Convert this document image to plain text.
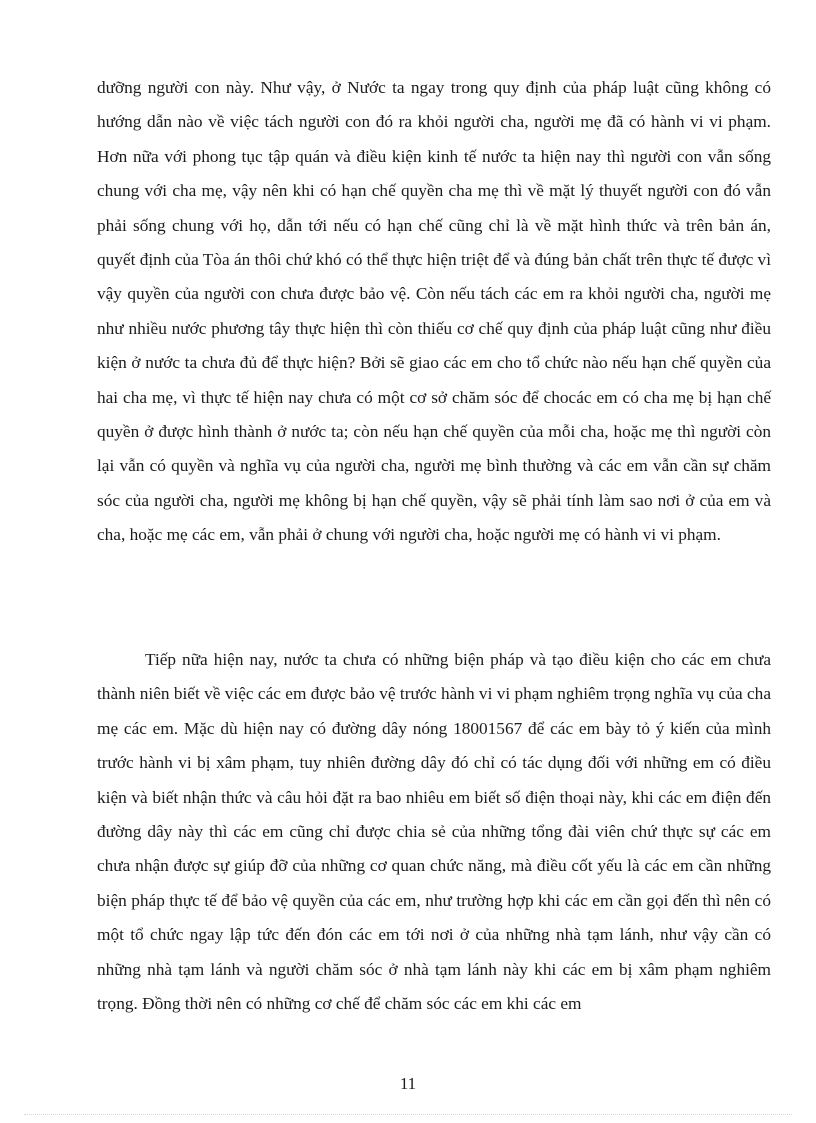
dưỡng người con này. Như vậy, ở Nước ta ngay trong quy định của pháp luật cũng không có hướng dẫn nào về việc tách người con đó ra khỏi người cha, người mẹ đã có hành vi vi phạm. Hơn nữa với phong tục tập quán và điều kiện kinh tế nước ta hiện nay thì người con vẫn sống chung với cha mẹ, vậy nên khi có hạn chế quyền cha mẹ thì về mặt lý thuyết người con đó vẫn phải sống chung với họ, dẫn tới nếu có hạn chế cũng chỉ là về mặt hình thức và trên bản án, quyết định của Tòa án thôi chứ khó có thể thực hiện triệt để và đúng bản chất trên thực tế được vì vậy quyền của người con chưa được bảo vệ. Còn nếu tách các em ra khỏi người cha, người mẹ như nhiều nước phương tây thực hiện thì còn thiếu cơ chế quy định của pháp luật cũng như điều kiện ở nước ta chưa đủ để thực hiện? Bởi sẽ giao các em cho tổ chức nào nếu hạn chế quyền của hai cha mẹ, vì thực tế hiện nay chưa có một cơ sở chăm sóc để chocác em có cha mẹ bị hạn chế quyền ở được hình thành ở nước ta; còn nếu hạn chế quyền của mỗi cha, hoặc mẹ thì người còn lại vẫn có quyền và nghĩa vụ của người cha, người mẹ bình thường và các em vẫn cần sự chăm sóc của người cha, người mẹ không bị hạn chế quyền, vậy sẽ phải tính làm sao nơi ở của em và cha, hoặc mẹ các em, vẫn phải ở chung với người cha, hoặc người mẹ có hành vi vi phạm.

Tiếp nữa hiện nay, nước ta chưa có những biện pháp và tạo điều kiện cho các em chưa thành niên biết về việc các em được bảo vệ trước hành vi vi phạm nghiêm trọng nghĩa vụ của cha mẹ các em. Mặc dù hiện nay có đường dây nóng 18001567 để các em bày tỏ ý kiến của mình trước hành vi bị xâm phạm, tuy nhiên đường dây đó chỉ có tác dụng đối với những em có điều kiện và biết nhận thức và câu hỏi đặt ra bao nhiêu em biết số điện thoại này, khi các em điện đến đường dây này thì các em cũng chỉ được chia sẻ của những tổng đài viên chứ thực sự các em chưa nhận được sự giúp đỡ của những cơ quan chức năng, mà điều cốt yếu là các em cần những biện pháp thực tế để bảo vệ quyền của các em, như trường hợp khi các em cần gọi đến thì nên có một tổ chức ngay lập tức đến đón các em tới nơi ở của những nhà tạm lánh, như vậy cần có những nhà tạm lánh và người chăm sóc ở nhà tạm lánh này khi các em bị xâm phạm nghiêm trọng. Đồng thời nên có những cơ chế để chăm sóc các em khi các em

11
